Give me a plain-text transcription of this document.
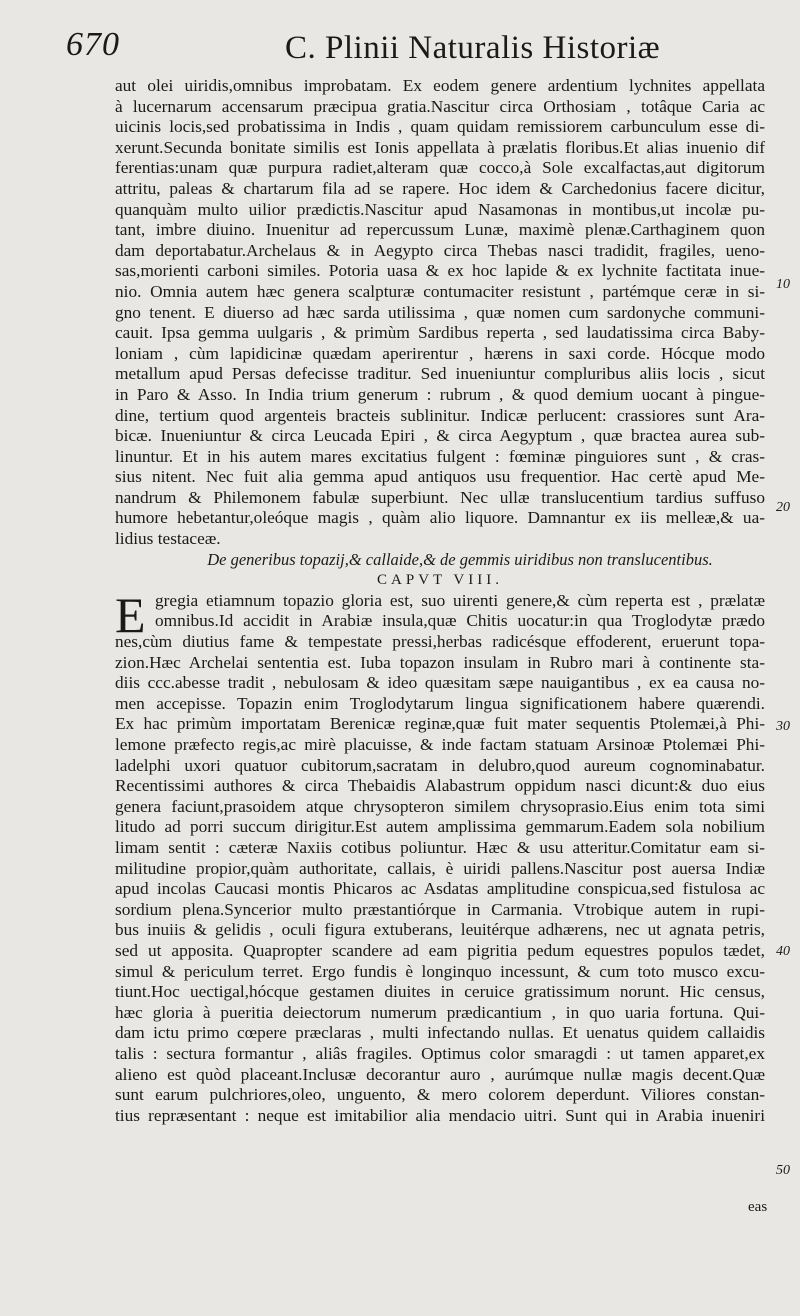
670	C. Plinii Naturalis Historiæ
aut olei uiridis,omnibus improbatam. Ex eodem genere ardentium lychnites appellata
à lucernarum accensarum præcipua gratia.Nascitur circa Orthosiam , totâque Caria ac
uicinis locis,sed probatissima in Indis , quam quidam remissiorem carbunculum esse di-
xerunt.Secunda bonitate similis est Ionis appellata à prælatis floribus.Et alias inuenio dif
ferentias:unam quæ purpura radiet,alteram quæ cocco,à Sole excalfactas,aut digitorum
attritu, paleas & chartarum fila ad se rapere. Hoc idem & Carchedonius facere dicitur,
quanquàm multo uilior prædictis.Nascitur apud Nasamonas in montibus,ut incolæ pu-
tant, imbre diuino. Inuenitur ad repercussum Lunæ, maximè plenæ.Carthaginem quon
dam deportabatur.Archelaus & in Aegypto circa Thebas nasci tradidit, fragiles, ueno-
sas,morienti carboni similes. Potoria uasa & ex hoc lapide & ex lychnite factitata inue-
nio. Omnia autem hæc genera scalpturæ contumaciter resistunt , partémque ceræ in si-
gno tenent. E diuerso ad hæc sarda utilissima , quæ nomen cum sardonyche communi-
cauit. Ipsa gemma uulgaris , & primùm Sardibus reperta , sed laudatissima circa Baby-
loniam , cùm lapidicinæ quædam aperirentur , hærens in saxi corde. Hócque modo
metallum apud Persas defecisse traditur. Sed inueniuntur compluribus aliis locis , sicut
in Paro & Asso. In India trium generum : rubrum , & quod demium uocant à pingue-
dine, tertium quod argenteis bracteis sublinitur. Indicæ perlucent: crassiores sunt Ara-
bicæ. Inueniuntur & circa Leucada Epiri , & circa Aegyptum , quæ bractea aurea sub-
linuntur. Et in his autem mares excitatius fulgent : fœminæ pinguiores sunt , & cras-
sius nitent. Nec fuit alia gemma apud antiquos usu frequentior. Hac certè apud Me-
nandrum & Philemonem fabulæ superbiunt. Nec ullæ translucentium tardius suffuso
humore hebetantur,oleóque magis , quàm alio liquore. Damnantur ex iis melleæ,& ua-
lidius testaceæ.
De generibus topazij,& callaide,& de gemmis uiridibus non translucentibus.
CAPVT VIII.
E gregia etiamnum topazio gloria est, suo uirenti genere,& cùm reperta est , prælatæ
omnibus.Id accidit in Arabiæ insula,quæ Chitis uocatur:in qua Troglodytæ prædo
nes,cùm diutius fame & tempestate pressi,herbas radicésque effoderent, eruerunt topa-
zion.Hæc Archelai sententia est. Iuba topazon insulam in Rubro mari à continente sta-
diis ccc.abesse tradit , nebulosam & ideo quæsitam sæpe nauigantibus , ex ea causa no-
men accepisse. Topazin enim Troglodytarum lingua significationem habere quærendi.
Ex hac primùm importatam Berenicæ reginæ,quæ fuit mater sequentis Ptolemæi,à Phi-
lemone præfecto regis,ac mirè placuisse, & inde factam statuam Arsinoæ Ptolemæi Phi-
ladelphi uxori quatuor cubitorum,sacratam in delubro,quod aureum cognominabatur.
Recentissimi authores & circa Thebaidis Alabastrum oppidum nasci dicunt:& duo eius
genera faciunt,prasoidem atque chrysopteron similem chrysoprasio.Eius enim tota simi
litudo ad porri succum dirigitur.Est autem amplissima gemmarum.Eadem sola nobilium
limam sentit : cæteræ Naxiis cotibus poliuntur. Hæc & usu atteritur.Comitatur eam si-
militudine propior,quàm authoritate, callais, è uiridi pallens.Nascitur post auersa Indiæ
apud incolas Caucasi montis Phicaros ac Asdatas amplitudine conspicua,sed fistulosa ac
sordium plena.Syncerior multo præstantiórque in Carmania. Vtrobique autem in rupi-
bus inuiis & gelidis , oculi figura extuberans, leuitérque adhærens, nec ut agnata petris,
sed ut apposita. Quapropter scandere ad eam pigritia pedum equestres populos tædet,
simul & periculum terret. Ergo fundis è longinquo incessunt, & cum toto musco excu-
tiunt.Hoc uectigal,hócque gestamen diuites in ceruice gratissimum norunt. Hic census,
hæc gloria à pueritia deiectorum numerum prædicantium , in quo uaria fortuna. Qui-
dam ictu primo cœpere præclaras , multi infectando nullas. Et uenatus quidem callaidis
talis : sectura formantur , aliâs fragiles. Optimus color smaragdi : ut tamen apparet,ex
alieno est quòd placeant.Inclusæ decorantur auro , aurúmque nullæ magis decent.Quæ
sunt earum pulchriores,oleo, unguento, & mero colorem deperdunt. Viliores constan-
tius repræsentant : neque est imitabilior alia mendacio uitri. Sunt qui in Arabia inueniri
10
20
30
40
50
eas
